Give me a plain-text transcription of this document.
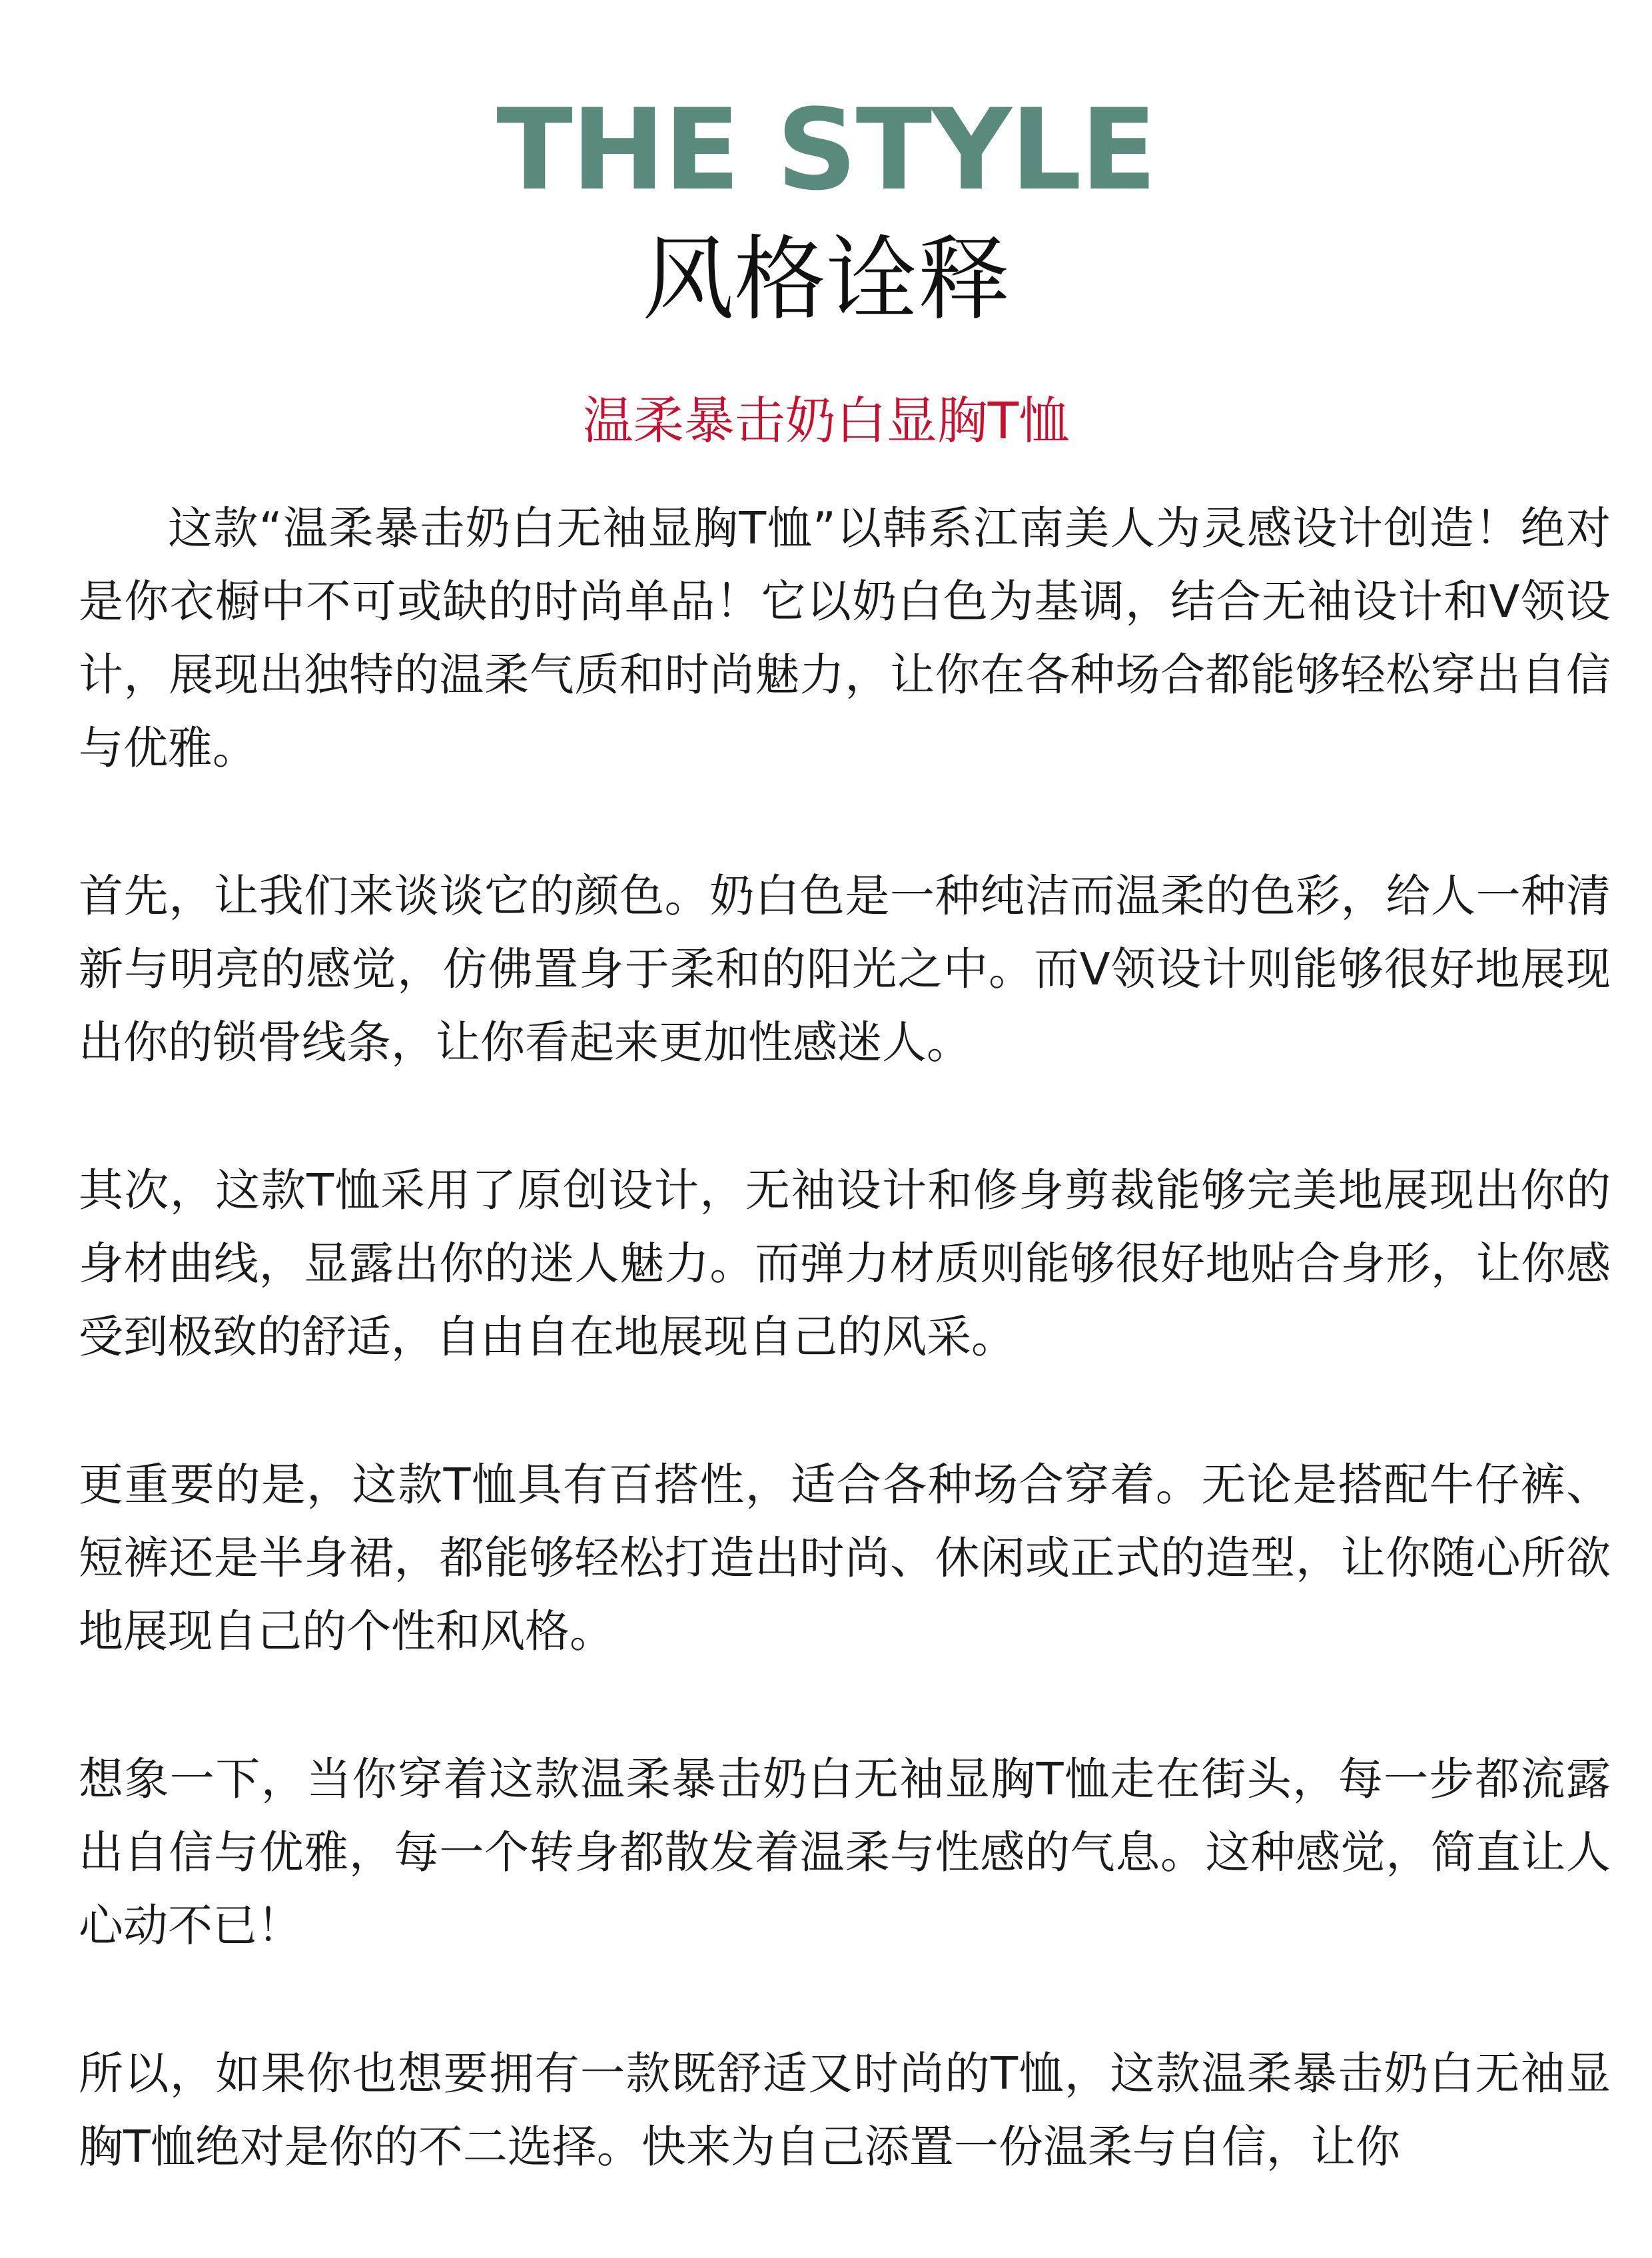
THE STYLE
风格诠释
温柔暴击奶白显胸T恤

这款“温柔暴击奶白无袖显胸T恤”以韩系江南美人为灵感设计创造！绝对是你衣橱中不可或缺的时尚单品！它以奶白色为基调，结合无袖设计和V领设计，展现出独特的温柔气质和时尚魅力，让你在各种场合都能够轻松穿出自信与优雅。

首先，让我们来谈谈它的颜色。奶白色是一种纯洁而温柔的色彩，给人一种清新与明亮的感觉，仿佛置身于柔和的阳光之中。而V领设计则能够很好地展现出你的锁骨线条，让你看起来更加性感迷人。

其次，这款T恤采用了原创设计，无袖设计和修身剪裁能够完美地展现出你的身材曲线，显露出你的迷人魅力。而弹力材质则能够很好地贴合身形，让你感受到极致的舒适，自由自在地展现自己的风采。

更重要的是，这款T恤具有百搭性，适合各种场合穿着。无论是搭配牛仔裤、短裤还是半身裙，都能够轻松打造出时尚、休闲或正式的造型，让你随心所欲地展现自己的个性和风格。

想象一下，当你穿着这款温柔暴击奶白无袖显胸T恤走在街头，每一步都流露出自信与优雅，每一个转身都散发着温柔与性感的气息。这种感觉，简直让人心动不已！

所以，如果你也想要拥有一款既舒适又时尚的T恤，这款温柔暴击奶白无袖显胸T恤绝对是你的不二选择。快来为自己添置一份温柔与自信，让你
